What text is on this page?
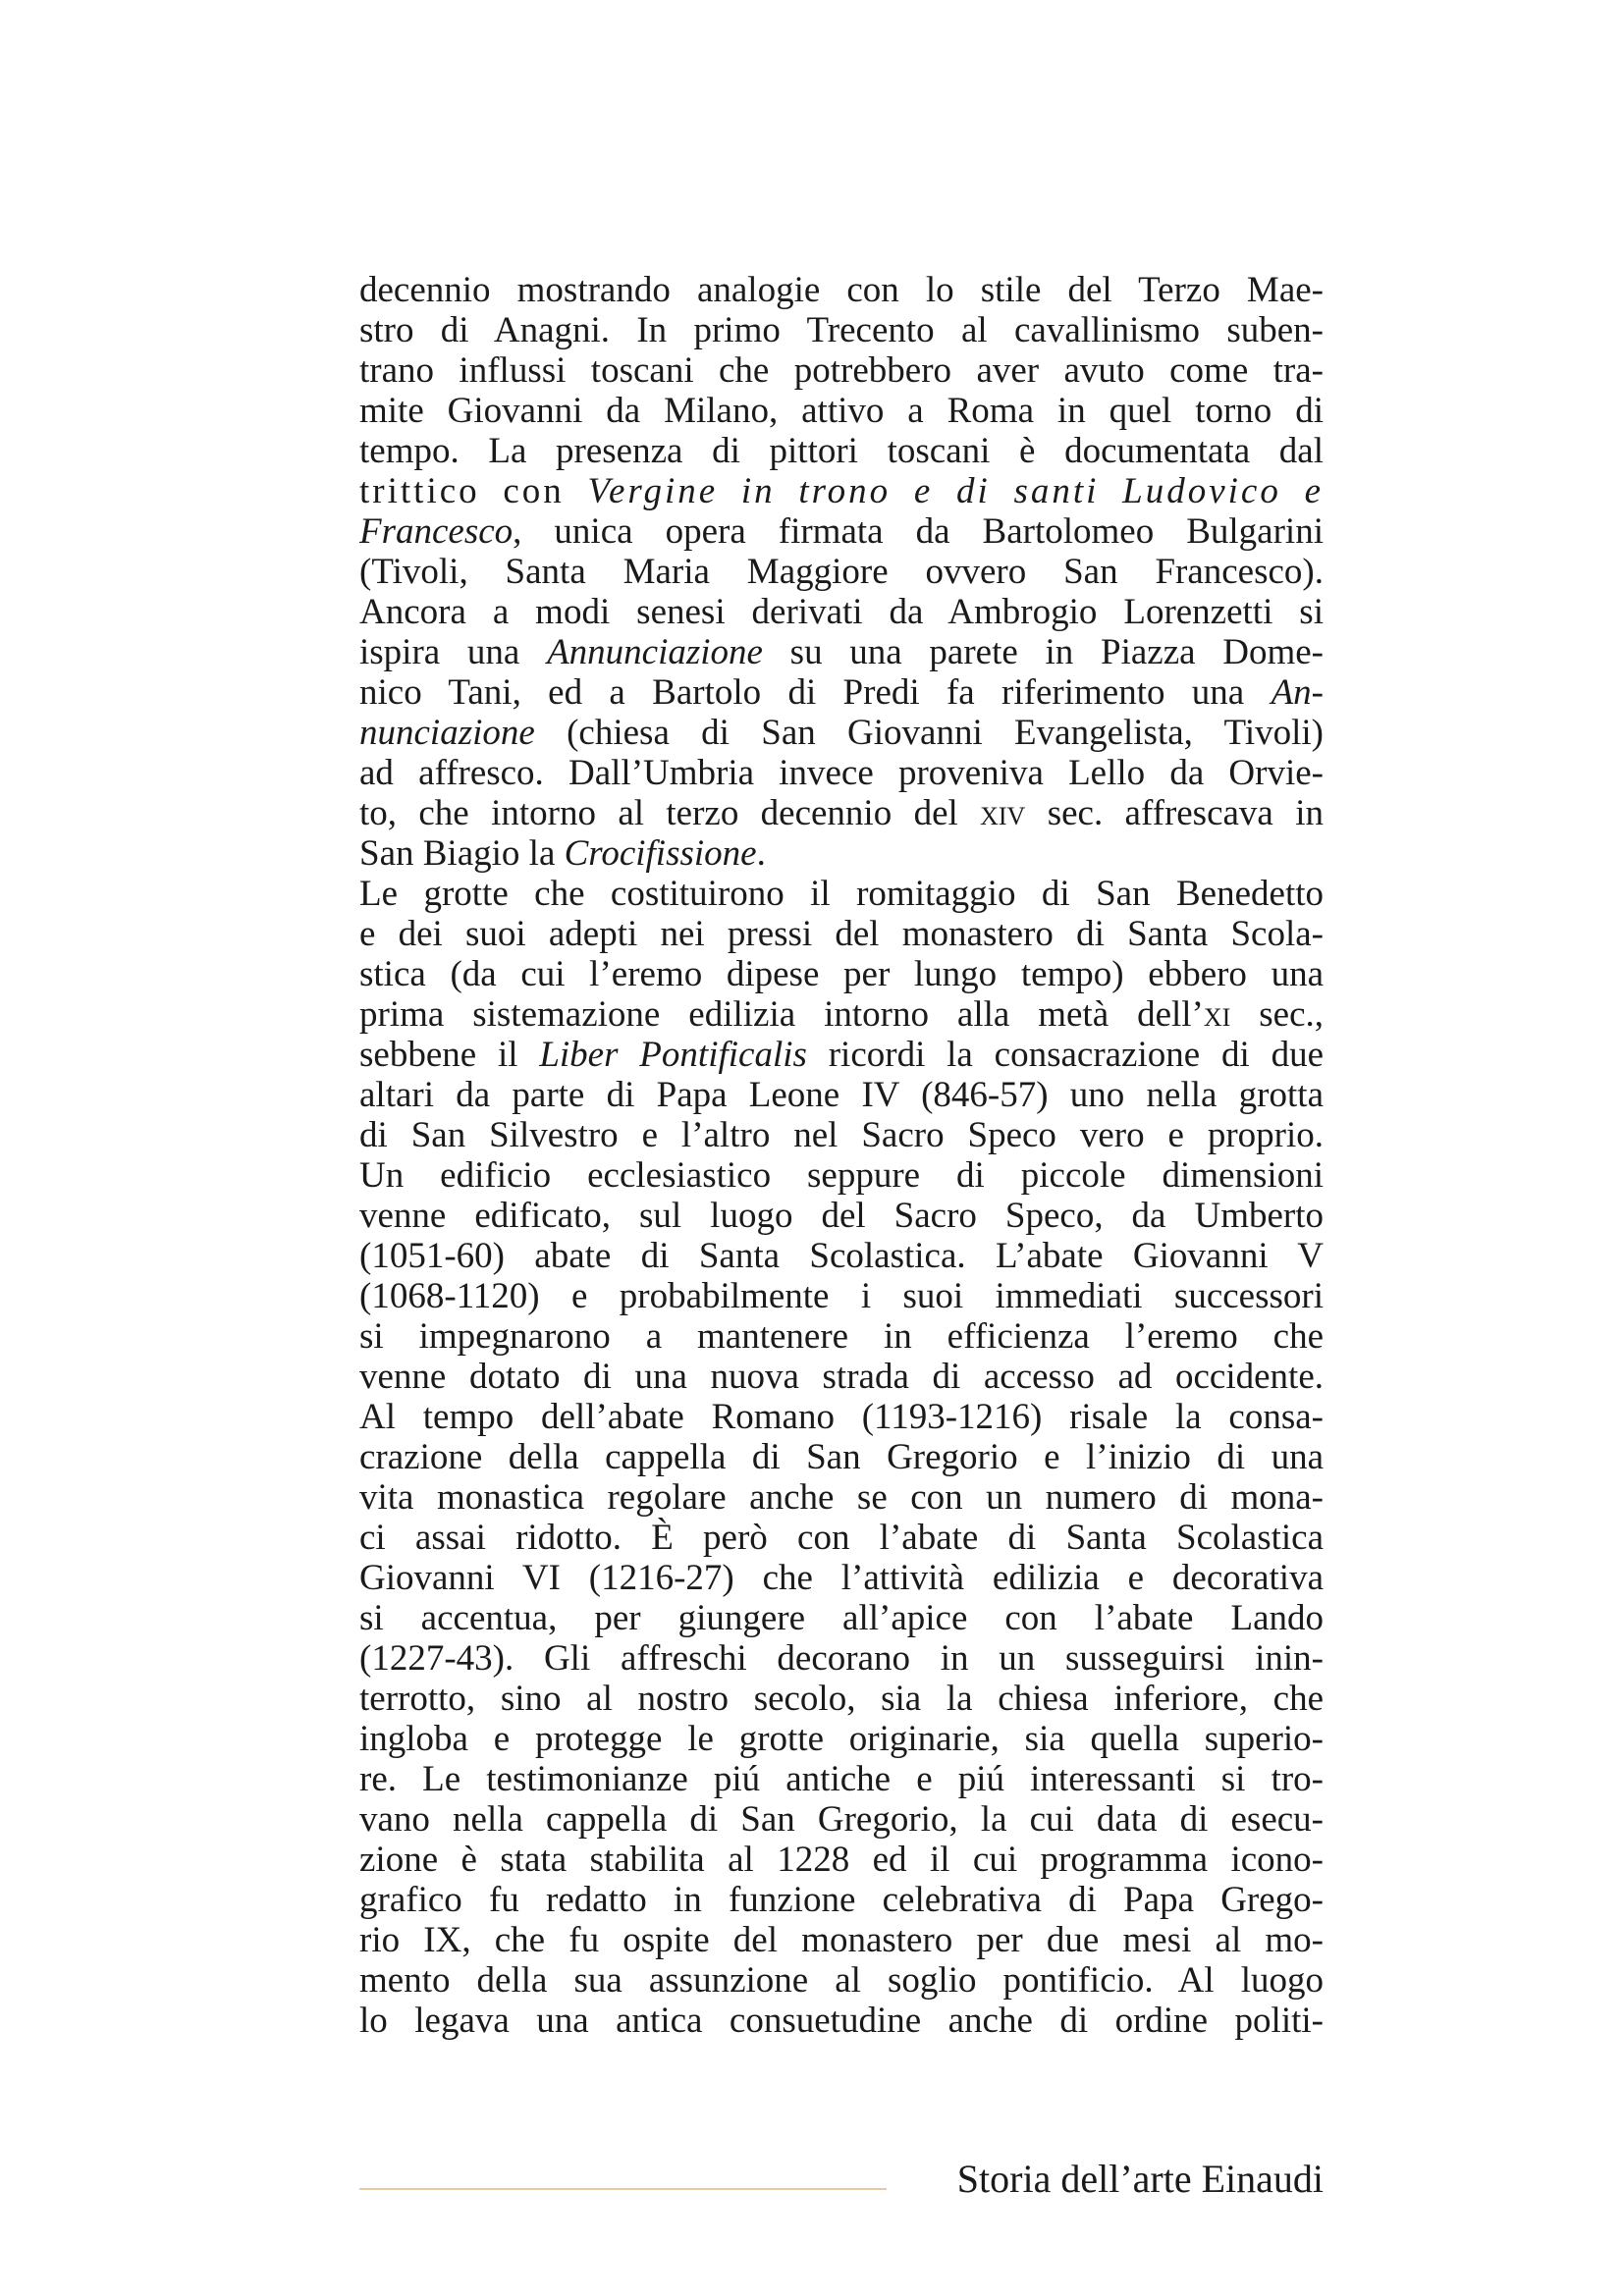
decennio mostrando analogie con lo stile del Terzo Mae-
stro di Anagni. In primo Trecento al cavallinismo suben-
trano influssi toscani che potrebbero aver avuto come tra-
mite Giovanni da Milano, attivo a Roma in quel torno di
tempo. La presenza di pittori toscani è documentata dal
trittico con Vergine in trono e di santi Ludovico e
Francesco, unica opera firmata da Bartolomeo Bulgarini
(Tivoli, Santa Maria Maggiore ovvero San Francesco).
Ancora a modi senesi derivati da Ambrogio Lorenzetti si
ispira una Annunciazione su una parete in Piazza Dome-
nico Tani, ed a Bartolo di Predi fa riferimento una An-
nunciazione (chiesa di San Giovanni Evangelista, Tivoli)
ad affresco. Dall’Umbria invece proveniva Lello da Orvie-
to, che intorno al terzo decennio del xiv sec. affrescava in
San Biagio la Crocifissione.
Le grotte che costituirono il romitaggio di San Benedetto
e dei suoi adepti nei pressi del monastero di Santa Scola-
stica (da cui l’eremo dipese per lungo tempo) ebbero una
prima sistemazione edilizia intorno alla metà dell’xi sec.,
sebbene il Liber Pontificalis ricordi la consacrazione di due
altari da parte di Papa Leone IV (846-57) uno nella grotta
di San Silvestro e l’altro nel Sacro Speco vero e proprio.
Un edificio ecclesiastico seppure di piccole dimensioni
venne edificato, sul luogo del Sacro Speco, da Umberto
(1051-60) abate di Santa Scolastica. L’abate Giovanni V
(1068-1120) e probabilmente i suoi immediati successori
si impegnarono a mantenere in efficienza l’eremo che
venne dotato di una nuova strada di accesso ad occidente.
Al tempo dell’abate Romano (1193-1216) risale la consa-
crazione della cappella di San Gregorio e l’inizio di una
vita monastica regolare anche se con un numero di mona-
ci assai ridotto. È però con l’abate di Santa Scolastica
Giovanni VI (1216-27) che l’attività edilizia e decorativa
si accentua, per giungere all’apice con l’abate Lando
(1227-43). Gli affreschi decorano in un susseguirsi inin-
terrotto, sino al nostro secolo, sia la chiesa inferiore, che
ingloba e protegge le grotte originarie, sia quella superio-
re. Le testimonianze piú antiche e piú interessanti si tro-
vano nella cappella di San Gregorio, la cui data di esecu-
zione è stata stabilita al 1228 ed il cui programma icono-
grafico fu redatto in funzione celebrativa di Papa Grego-
rio IX, che fu ospite del monastero per due mesi al mo-
mento della sua assunzione al soglio pontificio. Al luogo
lo legava una antica consuetudine anche di ordine politi-
Storia dell’arte Einaudi
